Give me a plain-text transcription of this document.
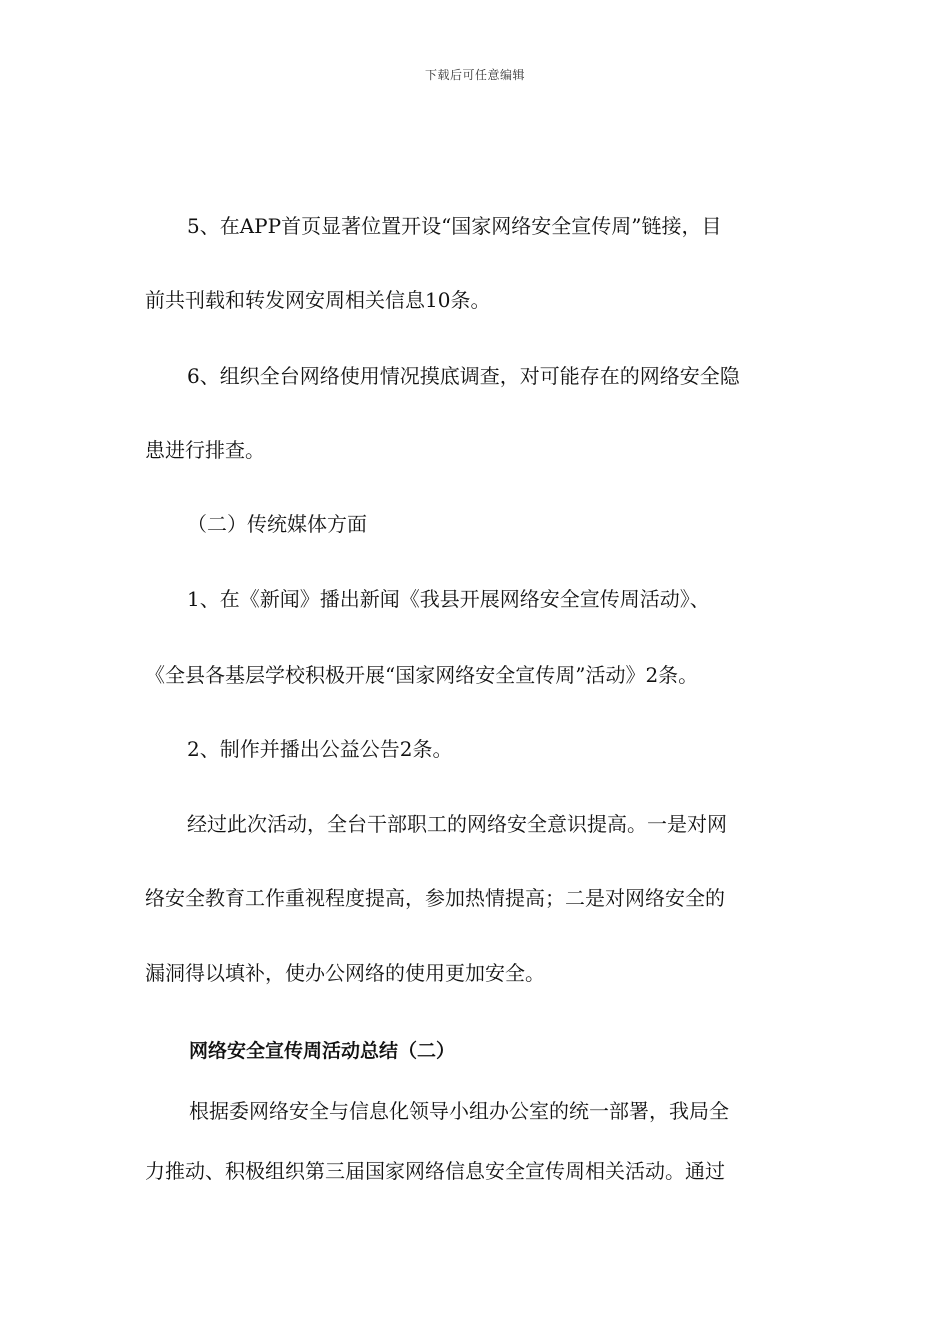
下载后可任意编辑
5、在APP首页显著位置开设“国家网络安全宣传周”链接，目
前共刊载和转发网安周相关信息10条。
6、组织全台网络使用情况摸底调查，对可能存在的网络安全隐
患进行排查。
（二）传统媒体方面
1、在《新闻》播出新闻《我县开展网络安全宣传周活动》、
《全县各基层学校积极开展“国家网络安全宣传周”活动》2条。
2、制作并播出公益公告2条。
经过此次活动，全台干部职工的网络安全意识提高。一是对网
络安全教育工作重视程度提高，参加热情提高；二是对网络安全的
漏洞得以填补，使办公网络的使用更加安全。
网络安全宣传周活动总结（二）
根据委网络安全与信息化领导小组办公室的统一部署，我局全
力推动、积极组织第三届国家网络信息安全宣传周相关活动。通过
